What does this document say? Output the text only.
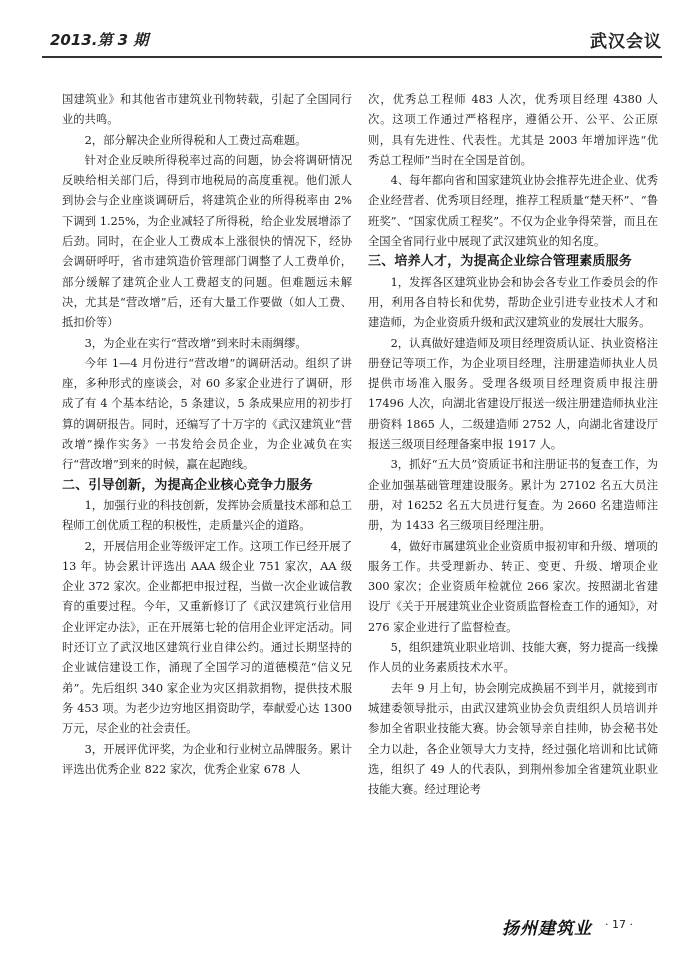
2013.第 3 期	武汉会议

国建筑业》和其他省市建筑业刊物转载，引起了全国同行业的共鸣。

2，部分解决企业所得税和人工费过高难题。

针对企业反映所得税率过高的问题，协会将调研情况反映给相关部门后，得到市地税局的高度重视。他们派人到协会与企业座谈调研后，将建筑企业的所得税率由 2% 下调到 1.25%，为企业减轻了所得税，给企业发展增添了后劲。同时，在企业人工费成本上涨很快的情况下，经协会调研呼吁，省市建筑造价管理部门调整了人工费单价，部分缓解了建筑企业人工费超支的问题。但难题远未解决，尤其是“营改增”后，还有大量工作要做（如人工费、抵扣价等）

3，为企业在实行“营改增”到来时未雨绸缪。

今年 1—4 月份进行“营改增”的调研活动。组织了讲座，多种形式的座谈会，对 60 多家企业进行了调研，形成了有 4 个基本结论，5 条建议，5 条成果应用的初步打算的调研报告。同时，还编写了十万字的《武汉建筑业“营改增”操作实务》一书发给会员企业，为企业减负在实行“营改增”到来的时候，赢在起跑线。

二、引导创新，为提高企业核心竞争力服务

1，加强行业的科技创新，发挥协会质量技术部和总工程师工创优质工程的积极性，走质量兴企的道路。

2，开展信用企业等级评定工作。这项工作已经开展了 13 年。协会累计评选出 AAA 级企业 751 家次，AA 级企业 372 家次。企业都把申报过程，当做一次企业诚信教育的重要过程。今年，又重新修订了《武汉建筑行业信用企业评定办法》，正在开展第七轮的信用企业评定活动。同时还订立了武汉地区建筑行业自律公约。通过长期坚持的企业诚信建设工作，涌现了全国学习的道德模范“信义兄弟”。先后组织 340 家企业为灾区捐款捐物，提供技术服务 453 项。为老少边穷地区捐资助学，奉献爱心达 1300 万元，尽企业的社会责任。

3，开展评优评奖，为企业和行业树立品牌服务。累计评选出优秀企业 822 家次，优秀企业家 678 人

次，优秀总工程师 483 人次，优秀项目经理 4380 人次。这项工作通过严格程序，遵循公开、公平、公正原则，具有先进性、代表性。尤其是 2003 年增加评选“优秀总工程师”当时在全国是首创。

4、每年都向省和国家建筑业协会推荐先进企业、优秀企业经营者、优秀项目经理，推荐工程质量“楚天杯”、“鲁班奖”、“国家优质工程奖”。不仅为企业争得荣誉，而且在全国全省同行业中展现了武汉建筑业的知名度。

三、培养人才，为提高企业综合管理素质服务

1，发挥各区建筑业协会和协会各专业工作委员会的作用，利用各自特长和优势，帮助企业引进专业技术人才和建造师，为企业资质升级和武汉建筑业的发展壮大服务。

2，认真做好建造师及项目经理资质认证、执业资格注册登记等项工作，为企业项目经理，注册建造师执业人员提供市场准入服务。受理各级项目经理资质申报注册 17496 人次，向湖北省建设厅报送一级注册建造师执业注册资料 1865 人，二级建造师 2752 人，向湖北省建设厅报送三级项目经理备案申报 1917 人。

3，抓好“五大员”资质证书和注册证书的复查工作，为企业加强基础管理建设服务。累计为 27102 名五大员注册，对 16252 名五大员进行复查。为 2660 名建造师注册，为 1433 名三级项目经理注册。

4，做好市属建筑业企业资质申报初审和升级、增项的服务工作。共受理新办、转正、变更、升级、增项企业 300 家次；企业资质年检就位 266 家次。按照湖北省建设厅《关于开展建筑业企业资质监督检查工作的通知》，对 276 家企业进行了监督检查。

5，组织建筑业职业培训、技能大赛，努力提高一线操作人员的业务素质技术水平。

去年 9 月上旬，协会刚完成换届不到半月，就接到市城建委领导批示，由武汉建筑业协会负责组织人员培训并参加全省职业技能大赛。协会领导亲自挂帅，协会秘书处全力以赴，各企业领导大力支持，经过强化培训和比试筛选，组织了 49 人的代表队，到荆州参加全省建筑业职业技能大赛。经过理论考

扬州建筑业 · 17 ·
